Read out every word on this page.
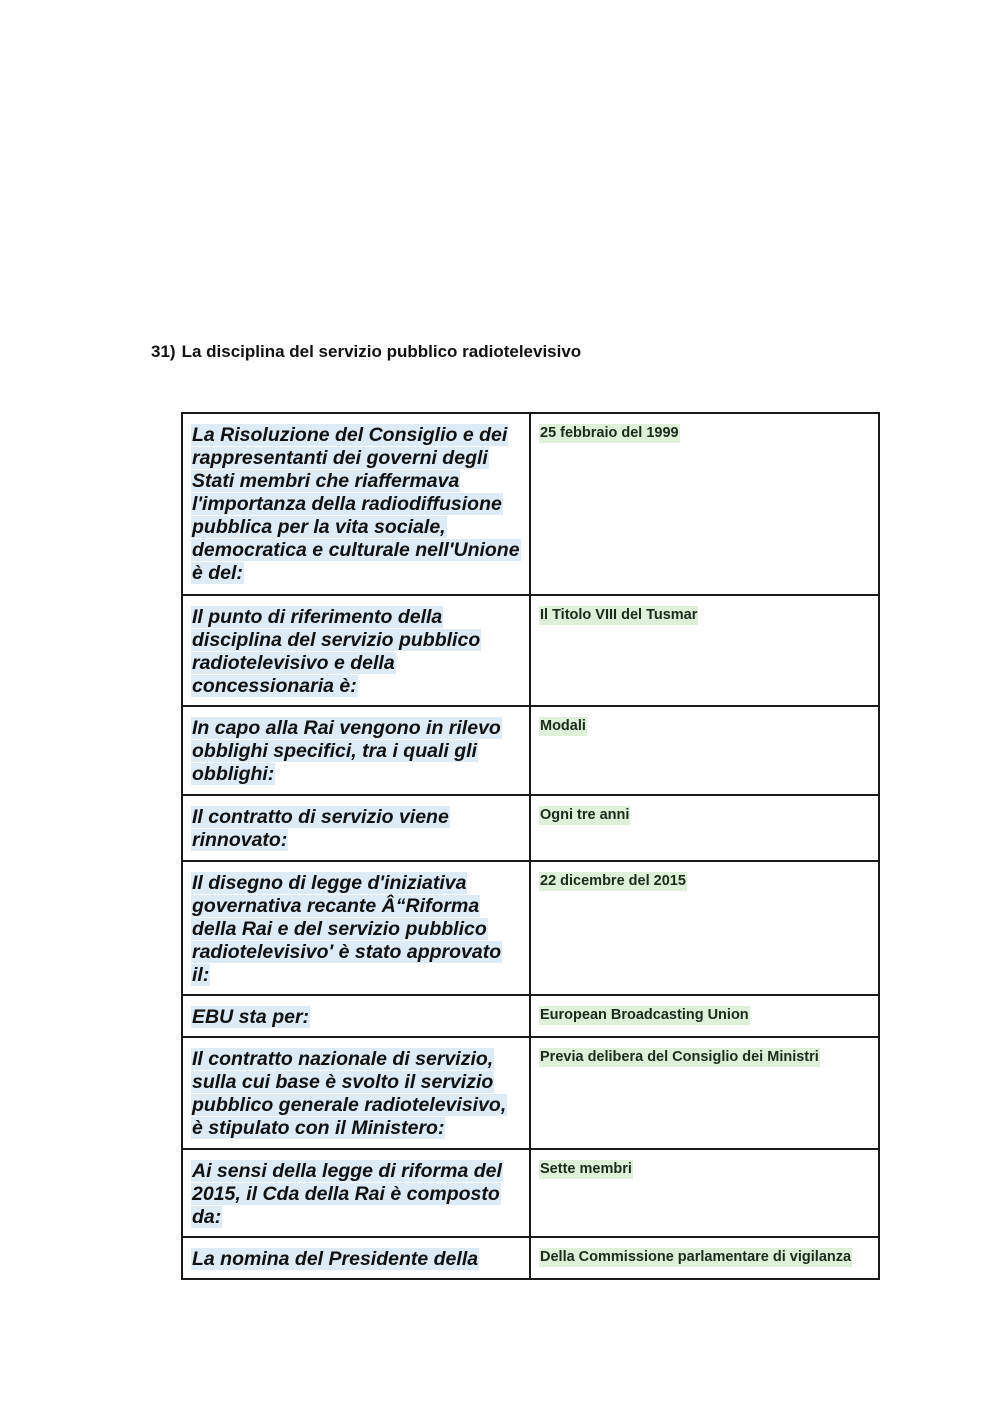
31) La disciplina del servizio pubblico radiotelevisivo
La Risoluzione del Consiglio e dei rappresentanti dei governi degli Stati membri che riaffermava l'importanza della radiodiffusione pubblica per la vita sociale, democratica e culturale nell'Unione è del:	25 febbraio del 1999
Il punto di riferimento della disciplina del servizio pubblico radiotelevisivo e della concessionaria è:	Il Titolo VIII del Tusmar
In capo alla Rai vengono in rilevo obblighi specifici, tra i quali gli obblighi:	Modali
Il contratto di servizio viene rinnovato:	Ogni tre anni
Il disegno di legge d'iniziativa governativa recante Â“Riforma della Rai e del servizio pubblico radiotelevisivo' è stato approvato il:	22 dicembre del 2015
EBU sta per:	European Broadcasting Union
Il contratto nazionale di servizio, sulla cui base è svolto il servizio pubblico generale radiotelevisivo, è stipulato con il Ministero:	Previa delibera del Consiglio dei Ministri
Ai sensi della legge di riforma del 2015, il Cda della Rai è composto da:	Sette membri
La nomina del Presidente della	Della Commissione parlamentare di vigilanza
